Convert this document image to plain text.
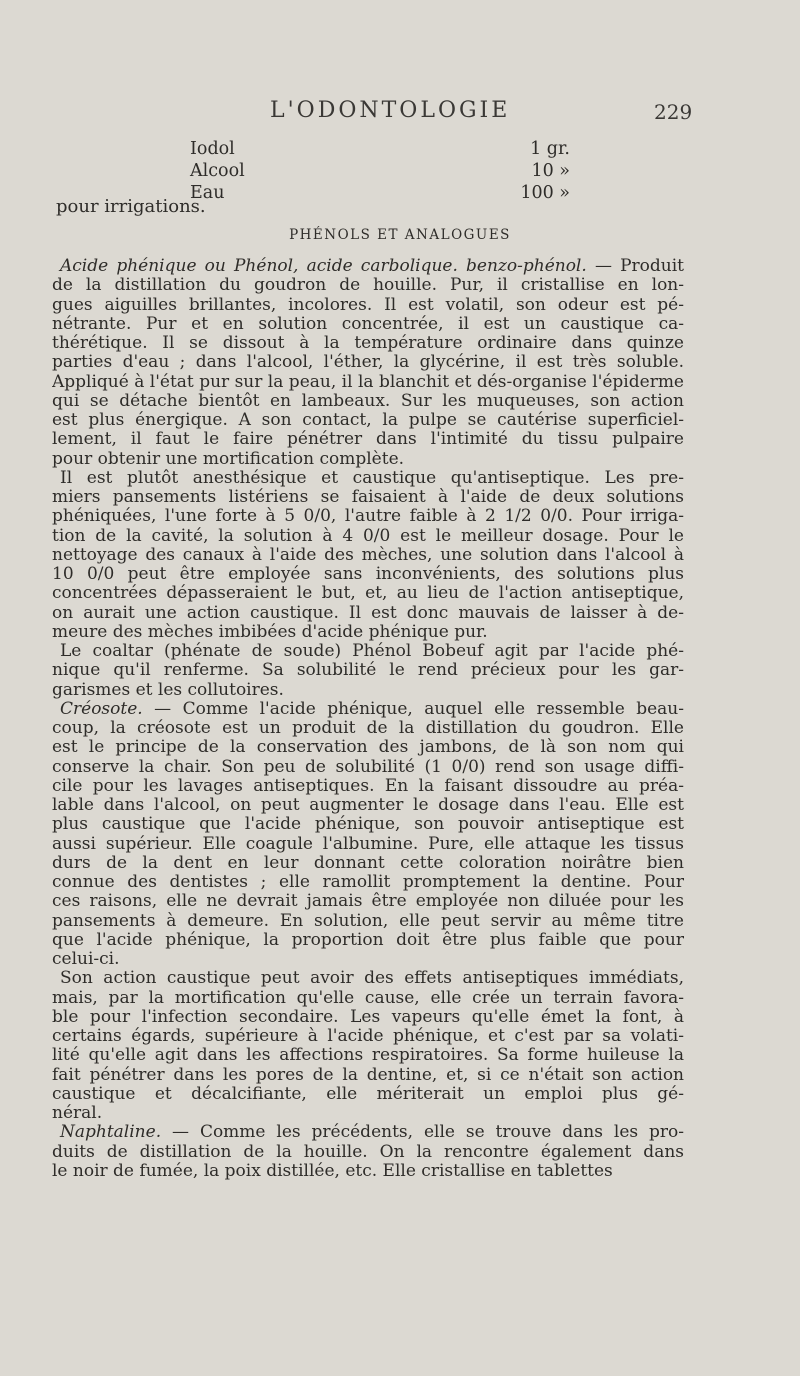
L'ODONTOLOGIE	229
Iodol	1 gr.
Alcool	10 »
Eau	100 »
pour irrigations.
PHÉNOLS ET ANALOGUES
Acide phénique ou Phénol, acide carbolique. benzo-phénol. — Produit
de la distillation du goudron de houille. Pur, il cristallise en lon-
gues aiguilles brillantes, incolores. Il est volatil, son odeur est pé-
nétrante. Pur et en solution concentrée, il est un caustique ca-
thérétique. Il se dissout à la température ordinaire dans quinze
parties d'eau ; dans l'alcool, l'éther, la glycérine, il est très soluble.
Appliqué à l'état pur sur la peau, il la blanchit et dés-organise l'épiderme
qui se détache bientôt en lambeaux. Sur les muqueuses, son action
est plus énergique. A son contact, la pulpe se cautérise superficiel-
lement, il faut le faire pénétrer dans l'intimité du tissu pulpaire
pour obtenir une mortification complète.
Il est plutôt anesthésique et caustique qu'antiseptique. Les pre-
miers pansements listériens se faisaient à l'aide de deux solutions
phéniquées, l'une forte à 5 0/0, l'autre faible à 2 1/2 0/0. Pour irriga-
tion de la cavité, la solution à 4 0/0 est le meilleur dosage. Pour le
nettoyage des canaux à l'aide des mèches, une solution dans l'alcool à
10 0/0 peut être employée sans inconvénients, des solutions plus
concentrées dépasseraient le but, et, au lieu de l'action antiseptique,
on aurait une action caustique. Il est donc mauvais de laisser à de-
meure des mèches imbibées d'acide phénique pur.
Le coaltar (phénate de soude) Phénol Bobeuf agit par l'acide phé-
nique qu'il renferme. Sa solubilité le rend précieux pour les gar-
garismes et les collutoires.
Créosote. — Comme l'acide phénique, auquel elle ressemble beau-
coup, la créosote est un produit de la distillation du goudron. Elle
est le principe de la conservation des jambons, de là son nom qui
conserve la chair. Son peu de solubilité (1 0/0) rend son usage diffi-
cile pour les lavages antiseptiques. En la faisant dissoudre au préa-
lable dans l'alcool, on peut augmenter le dosage dans l'eau. Elle est
plus caustique que l'acide phénique, son pouvoir antiseptique est
aussi supérieur. Elle coagule l'albumine. Pure, elle attaque les tissus
durs de la dent en leur donnant cette coloration noirâtre bien
connue des dentistes ; elle ramollit promptement la dentine. Pour
ces raisons, elle ne devrait jamais être employée non diluée pour les
pansements à demeure. En solution, elle peut servir au même titre
que l'acide phénique, la proportion doit être plus faible que pour
celui-ci.
Son action caustique peut avoir des effets antiseptiques immédiats,
mais, par la mortification qu'elle cause, elle crée un terrain favora-
ble pour l'infection secondaire. Les vapeurs qu'elle émet la font, à
certains égards, supérieure à l'acide phénique, et c'est par sa volati-
lité qu'elle agit dans les affections respiratoires. Sa forme huileuse la
fait pénétrer dans les pores de la dentine, et, si ce n'était son action
caustique et décalcifiante, elle mériterait un emploi plus gé-
néral.
Naphtaline. — Comme les précédents, elle se trouve dans les pro-
duits de distillation de la houille. On la rencontre également dans
le noir de fumée, la poix distillée, etc. Elle cristallise en tablettes
